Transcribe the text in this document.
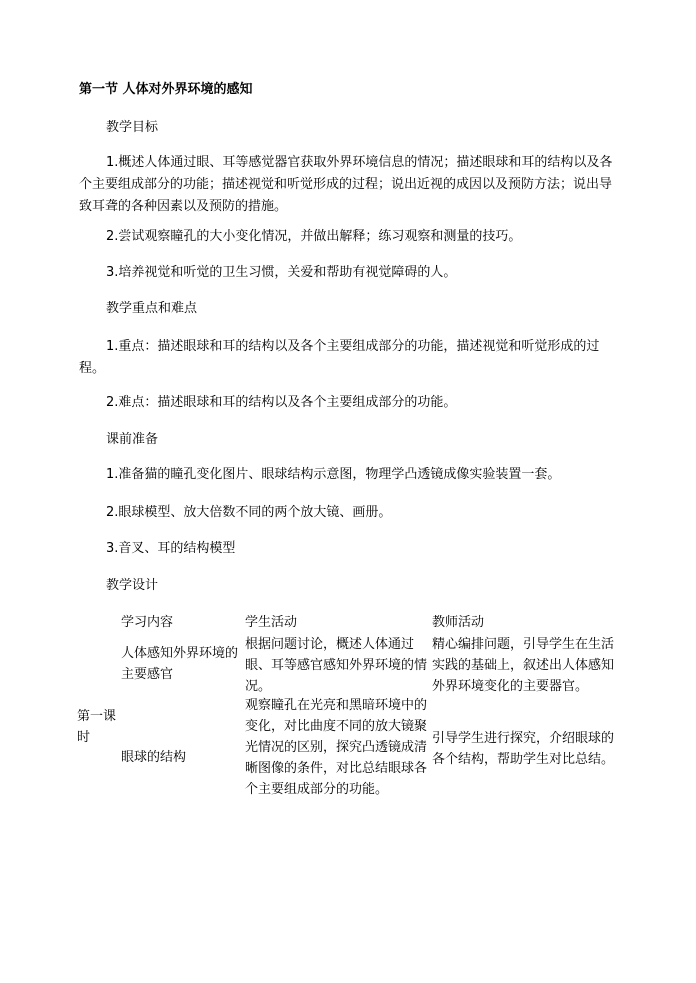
第一节 人体对外界环境的感知

教学目标

1.概述人体通过眼、耳等感觉器官获取外界环境信息的情况；描述眼球和耳的结构以及各个主要组成部分的功能；描述视觉和听觉形成的过程；说出近视的成因以及预防方法；说出导致耳聋的各种因素以及预防的措施。

2.尝试观察瞳孔的大小变化情况，并做出解释；练习观察和测量的技巧。

3.培养视觉和听觉的卫生习惯，关爱和帮助有视觉障碍的人。

教学重点和难点

1.重点：描述眼球和耳的结构以及各个主要组成部分的功能，描述视觉和听觉形成的过程。

2.难点：描述眼球和耳的结构以及各个主要组成部分的功能。

课前准备

1.准备猫的瞳孔变化图片、眼球结构示意图，物理学凸透镜成像实验装置一套。

2.眼球模型、放大倍数不同的两个放大镜、画册。

3.音叉、耳的结构模型

教学设计

学习内容	学生活动	教师活动

第一课时

人体感知外界环境的主要感官

根据问题讨论，概述人体通过眼、耳等感官感知外界环境的情况。

精心编排问题，引导学生在生活实践的基础上，叙述出人体感知外界环境变化的主要器官。

眼球的结构

观察瞳孔在光亮和黑暗环境中的变化，对比曲度不同的放大镜聚光情况的区别，探究凸透镜成清晰图像的条件，对比总结眼球各个主要组成部分的功能。

引导学生进行探究，介绍眼球的各个结构，帮助学生对比总结。
